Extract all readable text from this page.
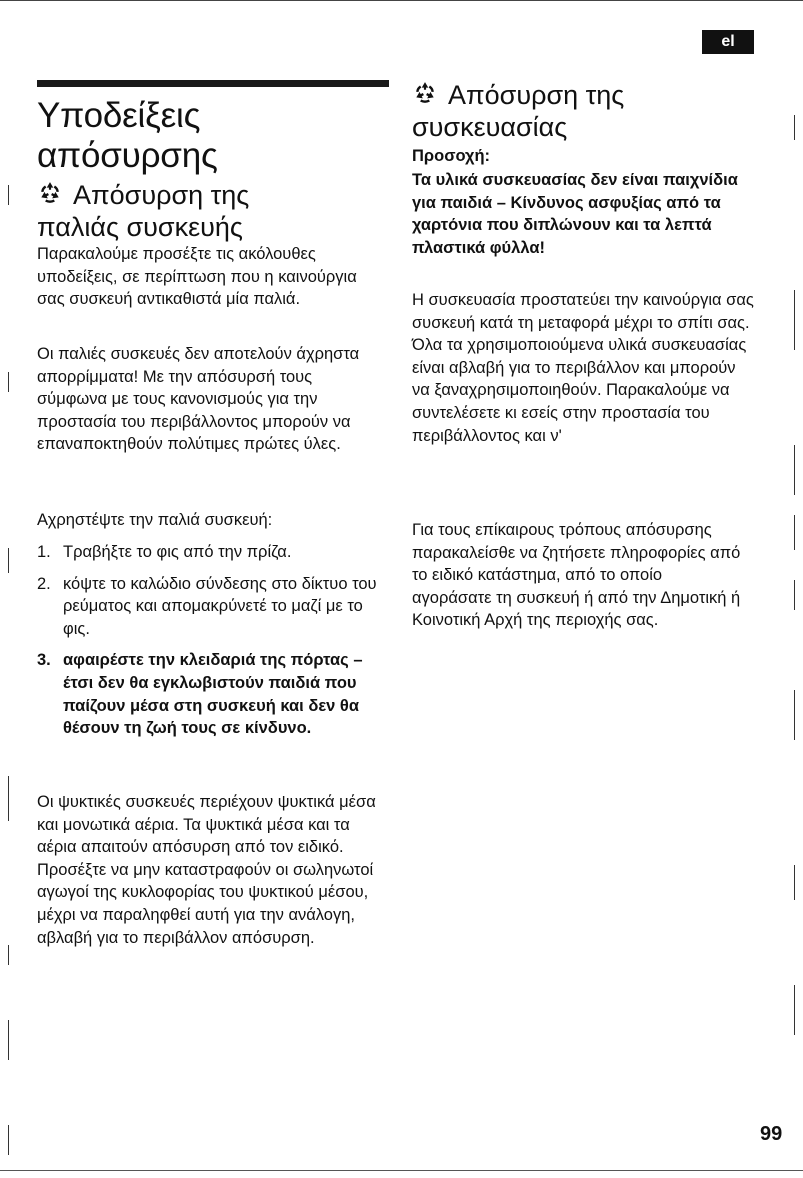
el
Υποδείξεις
απόσυρσης
Απόσυρση της
παλιάς συσκευής

Παρακαλούμε προσέξτε τις ακόλουθες υποδείξεις, σε περίπτωση που η καινούργια σας συσκευή αντικαθιστά μία παλιά.

Οι παλιές συσκευές δεν αποτελούν άχρηστα απορρίμματα! Με την απόσυρσή τους σύμφωνα με τους κανονισμούς για την προστασία του περιβάλλοντος μπορούν να επαναποκτηθούν πολύτιμες πρώτες ύλες.

Αχρηστέψτε την παλιά συσκευή:

1. Τραβήξτε το φις από την πρίζα.
2. κόψτε το καλώδιο σύνδεσης στο δίκτυο του ρεύματος και απομακρύνετέ το μαζί με το φις.
3. αφαιρέστε την κλειδαριά της πόρτας – έτσι δεν θα εγκλωβιστούν παιδιά που παίζουν μέσα στη συσκευή και δεν θα θέσουν τη ζωή τους σε κίνδυνο.

Οι ψυκτικές συσκευές περιέχουν ψυκτικά μέσα και μονωτικά αέρια. Τα ψυκτικά μέσα και τα αέρια απαιτούν απόσυρση από τον ειδικό. Προσέξτε να μην καταστραφούν οι σωληνωτοί αγωγοί της κυκλοφορίας του ψυκτικού μέσου, μέχρι να παραληφθεί αυτή για την ανάλογη, αβλαβή για το περιβάλλον απόσυρση.

Απόσυρση της
συσκευασίας

Προσοχή:

Τα υλικά συσκευασίας δεν είναι παιχνίδια για παιδιά – Κίνδυνος ασφυξίας από τα χαρτόνια που διπλώνουν και τα λεπτά πλαστικά φύλλα!

Η συσκευασία προστατεύει την καινούργια σας συσκευή κατά τη μεταφορά μέχρι το σπίτι σας. Όλα τα χρησιμοποιούμενα υλικά συσκευασίας είναι αβλαβή για το περιβάλλον και μπορούν να ξαναχρησιμοποιηθούν. Παρακαλούμε να συντελέσετε κι εσείς στην προστασία του περιβάλλοντος και ν'

Για τους επίκαιρους τρόπους απόσυρσης παρακαλείσθε να ζητήσετε πληροφορίες από το ειδικό κατάστημα, από το οποίο αγοράσατε τη συσκευή ή από την Δημοτική ή Κοινοτική Αρχή της περιοχής σας.

99
